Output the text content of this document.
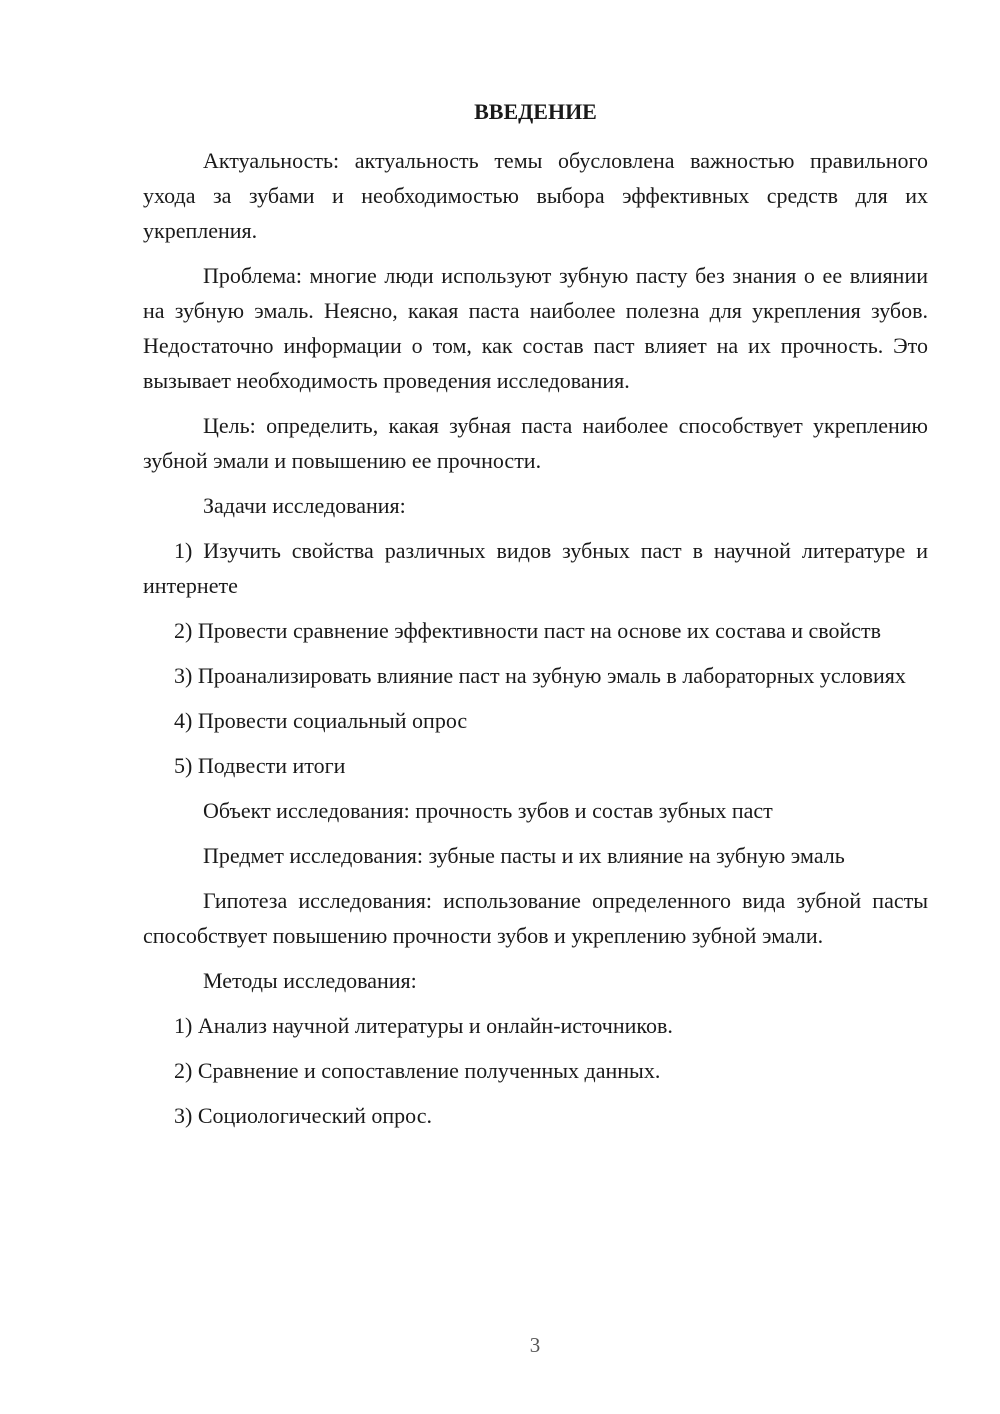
ВВЕДЕНИЕ

Актуальность: актуальность темы обусловлена важностью правильного ухода за зубами и необходимостью выбора эффективных средств для их укрепления.

Проблема: многие люди используют зубную пасту без знания о ее влиянии на зубную эмаль. Неясно, какая паста наиболее полезна для укрепления зубов. Недостаточно информации о том, как состав паст влияет на их прочность. Это вызывает необходимость проведения исследования.

Цель: определить, какая зубная паста наиболее способствует укреплению зубной эмали и повышению ее прочности.

Задачи исследования:

1) Изучить свойства различных видов зубных паст в научной литературе и интернете

2) Провести сравнение эффективности паст на основе их состава и свойств

3) Проанализировать влияние паст на зубную эмаль в лабораторных условиях

4) Провести социальный опрос

5) Подвести итоги

Объект исследования: прочность зубов и состав зубных паст

Предмет исследования: зубные пасты и их влияние на зубную эмаль

Гипотеза исследования: использование определенного вида зубной пасты способствует повышению прочности зубов и укреплению зубной эмали.

Методы исследования:

1) Анализ научной литературы и онлайн-источников.

2) Сравнение и сопоставление полученных данных.

3) Социологический опрос.

3
